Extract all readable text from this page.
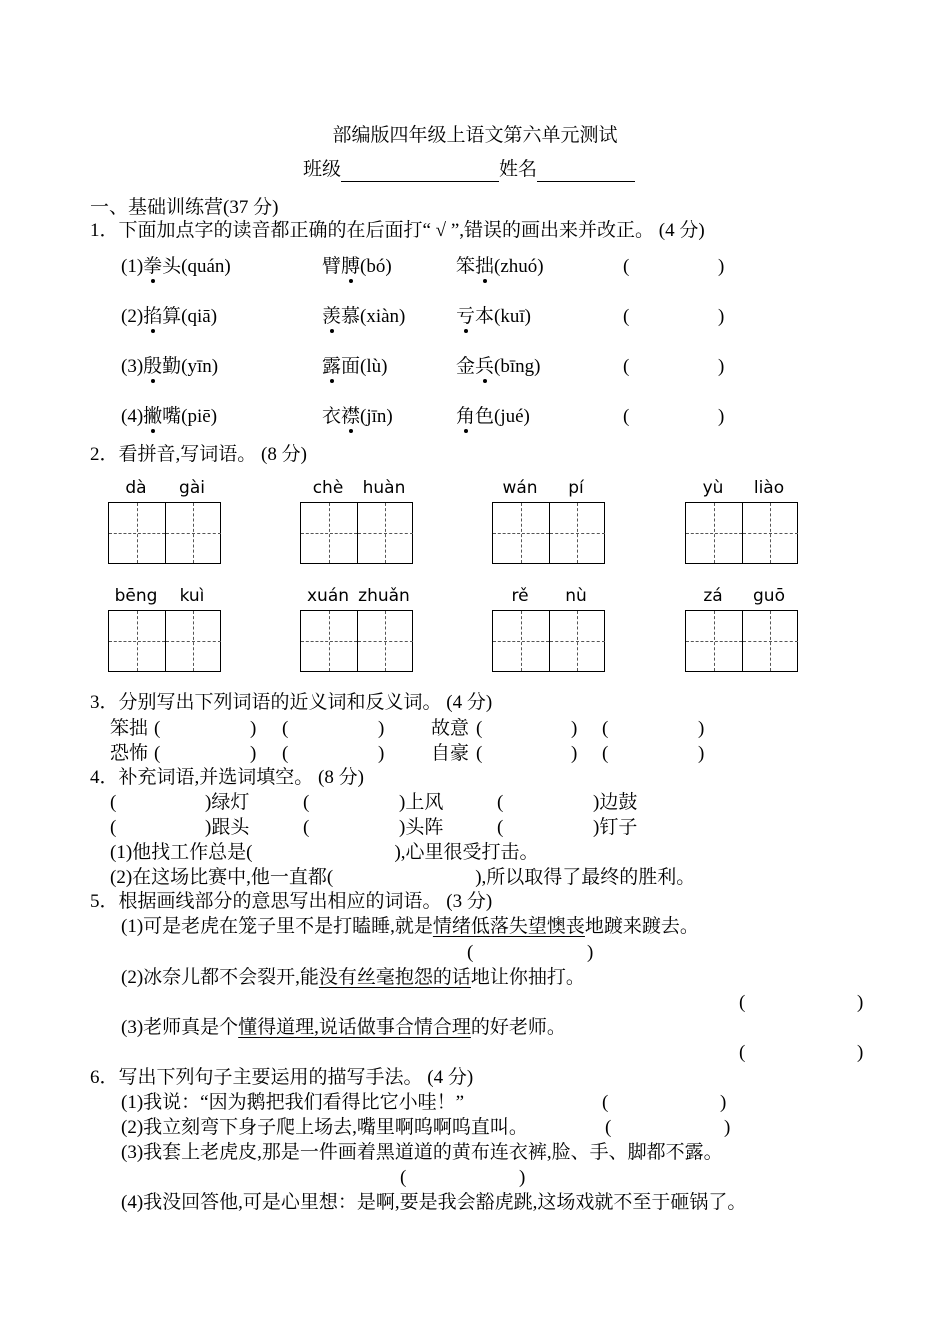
部编版四年级上语文第六单元测试
班级	姓名
一、基础训练营(37 分)
1．下面加点字的读音都正确的在后面打“ √ ”,错误的画出来并改正。 (4 分)
(1)拳头(quán)	臂膊(bó)	笨拙(zhuó)	(	)
(2)掐算(qiā)	羡慕(xiàn)	亏本(kuī)	(	)
(3)殷勤(yīn)	露面(lù)	金兵(bīng)	(	)
(4)撇嘴(piē)	衣襟(jīn)	角色(jué)	(	)
2．看拼音,写词语。 (8 分)
dà	gài	chè	huàn	wán	pí	yù	liào
bēng	kuì	xuán zhuǎn	rě	nù	zá	guō
3．分别写出下列词语的近义词和反义词。 (4 分)
笨拙 (	) (	) 故意 (	) (	)
恐怖 (	) (	) 自豪 (	) (	)
4．补充词语,并选词填空。 (8 分)
(	)绿灯	(	)上风	(	)边鼓
(	)跟头	(	)头阵	(	)钉子
(1)他找工作总是(	),心里很受打击。
(2)在这场比赛中,他一直都(	),所以取得了最终的胜利。
5．根据画线部分的意思写出相应的词语。 (3 分)
(1)可是老虎在笼子里不是打瞌睡,就是情绪低落失望懊丧地踱来踱去。
(	)
(2)冰奈儿都不会裂开,能没有丝毫抱怨的话地让你抽打。
(	)
(3)老师真是个懂得道理,说话做事合情合理的好老师。
(	)
6．写出下列句子主要运用的描写手法。 (4 分)
(1)我说：“因为鹅把我们看得比它小哇！”	(	)
(2)我立刻弯下身子爬上场去,嘴里啊呜啊呜直叫。	(	)
(3)我套上老虎皮,那是一件画着黑道道的黄布连衣裤,脸、手、脚都不露。
(	)
(4)我没回答他,可是心里想：是啊,要是我会豁虎跳,这场戏就不至于砸锅了。
